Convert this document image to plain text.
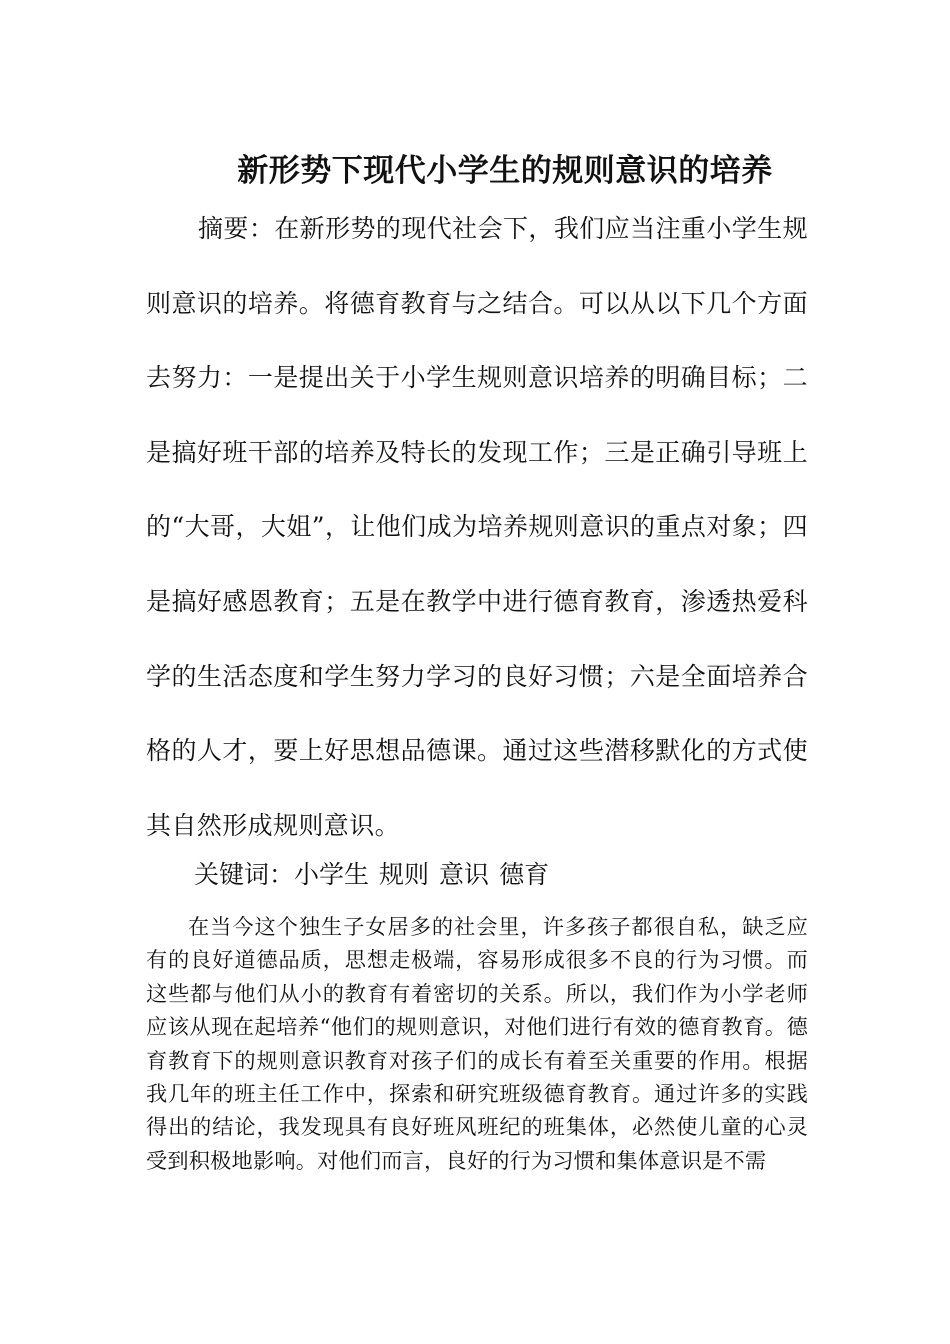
新形势下现代小学生的规则意识的培养

摘要：在新形势的现代社会下，我们应当注重小学生规则意识的培养。将德育教育与之结合。可以从以下几个方面去努力：一是提出关于小学生规则意识培养的明确目标；二是搞好班干部的培养及特长的发现工作；三是正确引导班上的“大哥，大姐”，让他们成为培养规则意识的重点对象；四是搞好感恩教育；五是在教学中进行德育教育，渗透热爱科学的生活态度和学生努力学习的良好习惯；六是全面培养合格的人才，要上好思想品德课。通过这些潜移默化的方式使其自然形成规则意识。

关键词：小学生 规则 意识 德育

在当今这个独生子女居多的社会里，许多孩子都很自私，缺乏应有的良好道德品质，思想走极端，容易形成很多不良的行为习惯。而这些都与他们从小的教育有着密切的关系。所以，我们作为小学老师应该从现在起培养“他们的规则意识，对他们进行有效的德育教育。德育教育下的规则意识教育对孩子们的成长有着至关重要的作用。根据我几年的班主任工作中，探索和研究班级德育教育。通过许多的实践得出的结论，我发现具有良好班风班纪的班集体，必然使儿童的心灵受到积极地影响。对他们而言，良好的行为习惯和集体意识是不需
